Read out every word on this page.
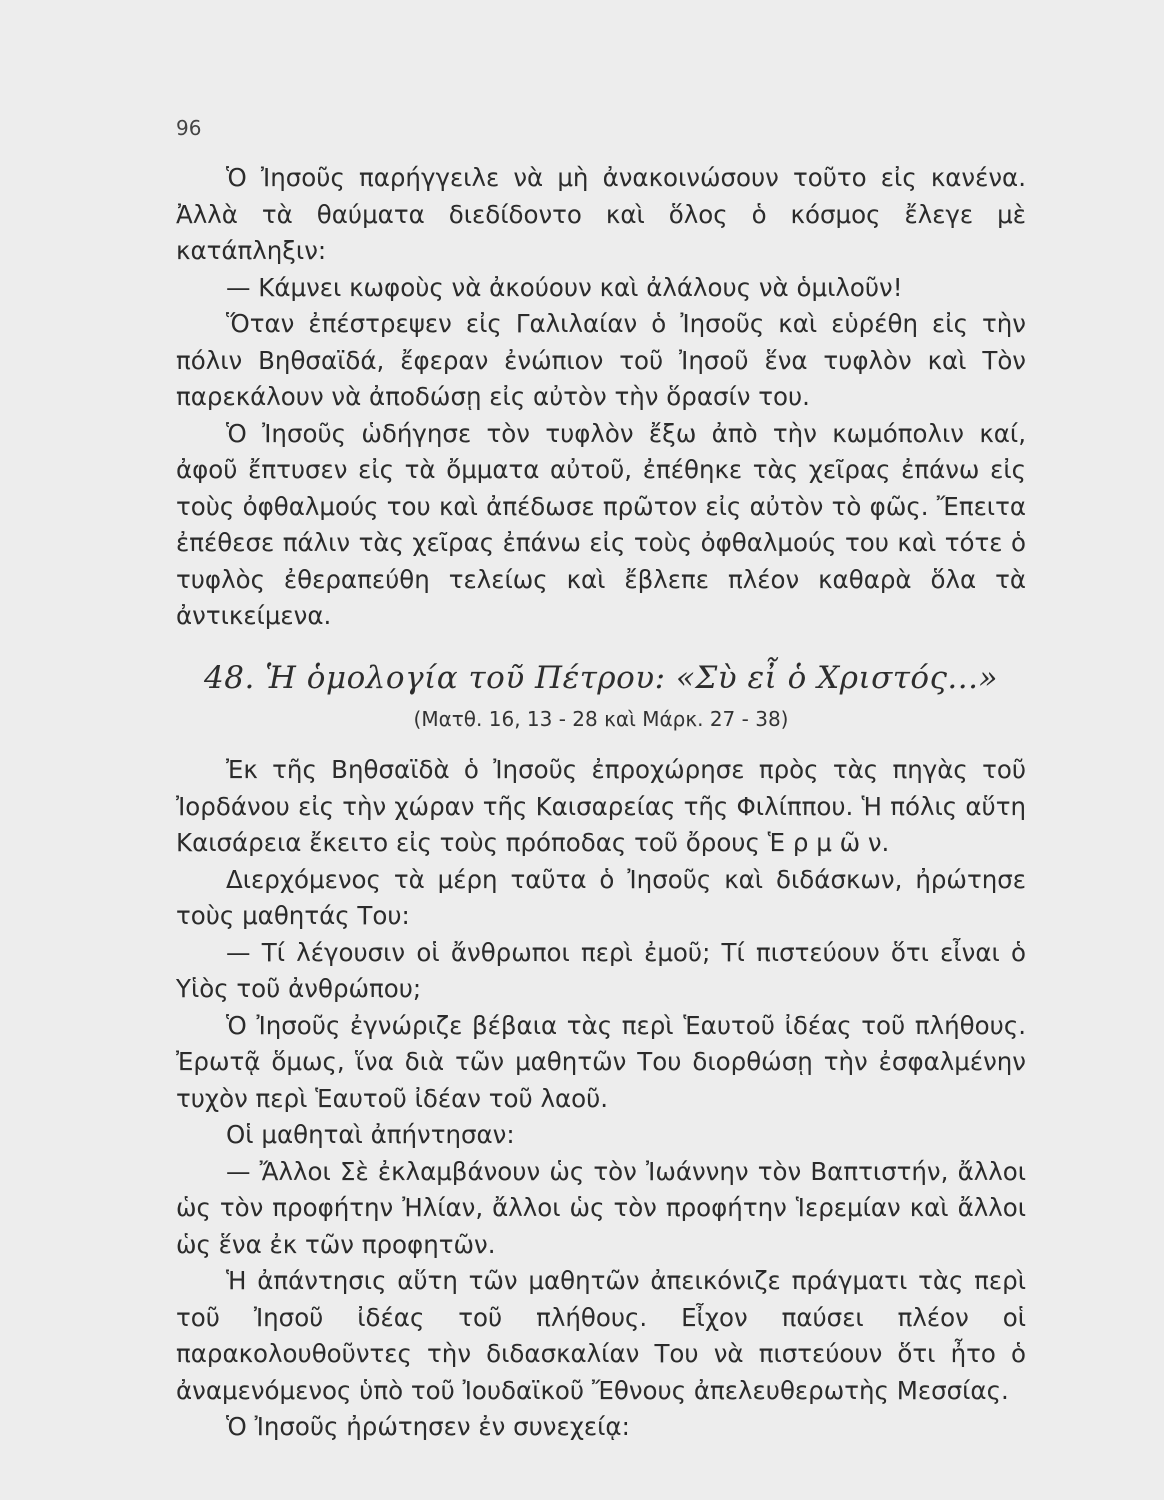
96

Ὁ Ἰησοῦς παρήγγειλε νὰ μὴ ἀνακοινώσουν τοῦτο εἰς κανένα. Ἀλλὰ τὰ θαύματα διεδίδοντο καὶ ὅλος ὁ κόσμος ἔλεγε μὲ κατάπληξιν:

— Κάμνει κωφοὺς νὰ ἀκούουν καὶ ἀλάλους νὰ ὁμιλοῦν!

Ὅταν ἐπέστρεψεν εἰς Γαλιλαίαν ὁ Ἰησοῦς καὶ εὑρέθη εἰς τὴν πόλιν Βηθσαϊδά, ἔφεραν ἐνώπιον τοῦ Ἰησοῦ ἕνα τυφλὸν καὶ Τὸν παρεκάλουν νὰ ἀποδώσῃ εἰς αὐτὸν τὴν ὅρασίν του.

Ὁ Ἰησοῦς ὡδήγησε τὸν τυφλὸν ἔξω ἀπὸ τὴν κωμόπολιν καί, ἀφοῦ ἔπτυσεν εἰς τὰ ὄμματα αὐτοῦ, ἐπέθηκε τὰς χεῖρας ἐπάνω εἰς τοὺς ὀφθαλμούς του καὶ ἀπέδωσε πρῶτον εἰς αὐτὸν τὸ φῶς. Ἔπειτα ἐπέθεσε πάλιν τὰς χεῖρας ἐπάνω εἰς τοὺς ὀφθαλμούς του καὶ τότε ὁ τυφλὸς ἐθεραπεύθη τελείως καὶ ἔβλεπε πλέον καθαρὰ ὅλα τὰ ἀντικείμενα.

48. Ἡ ὁμολογία τοῦ Πέτρου: «Σὺ εἶ ὁ Χριστός...»
(Ματθ. 16, 13 - 28 καὶ Μάρκ. 27 - 38)

Ἐκ τῆς Βηθσαϊδὰ ὁ Ἰησοῦς ἐπροχώρησε πρὸς τὰς πηγὰς τοῦ Ἰορδάνου εἰς τὴν χώραν τῆς Καισαρείας τῆς Φιλίππου. Ἡ πόλις αὕτη Καισάρεια ἔκειτο εἰς τοὺς πρόποδας τοῦ ὄρους Ἑ ρ μ ῶ ν.

Διερχόμενος τὰ μέρη ταῦτα ὁ Ἰησοῦς καὶ διδάσκων, ἠρώτησε τοὺς μαθητάς Του:

— Τί λέγουσιν οἱ ἄνθρωποι περὶ ἐμοῦ; Τί πιστεύουν ὅτι εἶναι ὁ Υἱὸς τοῦ ἀνθρώπου;

Ὁ Ἰησοῦς ἐγνώριζε βέβαια τὰς περὶ Ἑαυτοῦ ἰδέας τοῦ πλήθους. Ἐρωτᾷ ὅμως, ἵνα διὰ τῶν μαθητῶν Του διορθώσῃ τὴν ἐσφαλμένην τυχὸν περὶ Ἑαυτοῦ ἰδέαν τοῦ λαοῦ.

Οἱ μαθηταὶ ἀπήντησαν:

— Ἄλλοι Σὲ ἐκλαμβάνουν ὡς τὸν Ἰωάννην τὸν Βαπτιστήν, ἄλλοι ὡς τὸν προφήτην Ἠλίαν, ἄλλοι ὡς τὸν προφήτην Ἱερεμίαν καὶ ἄλλοι ὡς ἕνα ἐκ τῶν προφητῶν.

Ἡ ἀπάντησις αὕτη τῶν μαθητῶν ἀπεικόνιζε πράγματι τὰς περὶ τοῦ Ἰησοῦ ἰδέας τοῦ πλήθους. Εἶχον παύσει πλέον οἱ παρακολουθοῦντες τὴν διδασκαλίαν Του νὰ πιστεύουν ὅτι ἦτο ὁ ἀναμενόμενος ὑπὸ τοῦ Ἰουδαϊκοῦ Ἔθνους ἀπελευθερωτὴς Μεσσίας.

Ὁ Ἰησοῦς ἠρώτησεν ἐν συνεχείᾳ:
